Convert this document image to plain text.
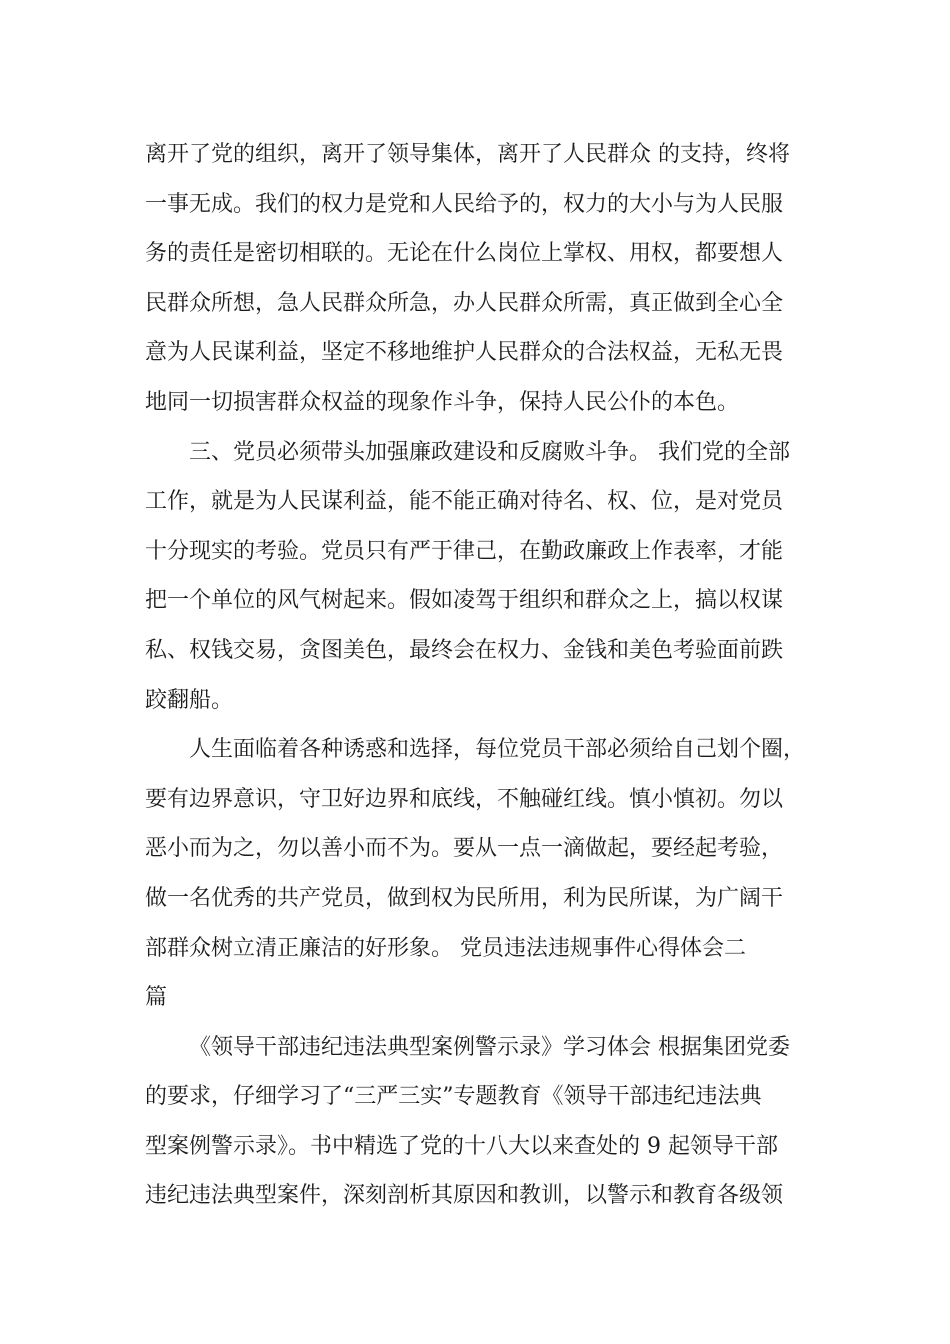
离开了党的组织，离开了领导集体，离开了人民群众 的支持，终将
一事无成。我们的权力是党和人民给予的，权力的大小与为人民服
务的责任是密切相联的。无论在什么岗位上掌权、用权，都要想人
民群众所想，急人民群众所急，办人民群众所需，真正做到全心全
意为人民谋利益，坚定不移地维护人民群众的合法权益，无私无畏
地同一切损害群众权益的现象作斗争，保持人民公仆的本色。
三、党员必须带头加强廉政建设和反腐败斗争。 我们党的全部
工作，就是为人民谋利益，能不能正确对待名、权、位，是对党员
十分现实的考验。党员只有严于律己，在勤政廉政上作表率，才能
把一个单位的风气树起来。假如凌驾于组织和群众之上，搞以权谋
私、权钱交易，贪图美色，最终会在权力、金钱和美色考验面前跌
跤翻船。
人生面临着各种诱惑和选择，每位党员干部必须给自己划个圈，
要有边界意识，守卫好边界和底线，不触碰红线。慎小慎初。勿以
恶小而为之，勿以善小而不为。要从一点一滴做起，要经起考验，
做一名优秀的共产党员，做到权为民所用，利为民所谋，为广阔干
部群众树立清正廉洁的好形象。 党员违法违规事件心得体会二
篇
《领导干部违纪违法典型案例警示录》学习体会 根据集团党委
的要求，仔细学习了“三严三实”专题教育《领导干部违纪违法典
型案例警示录》。书中精选了党的十八大以来查处的 9 起领导干部
违纪违法典型案件，深刻剖析其原因和教训，以警示和教育各级领
